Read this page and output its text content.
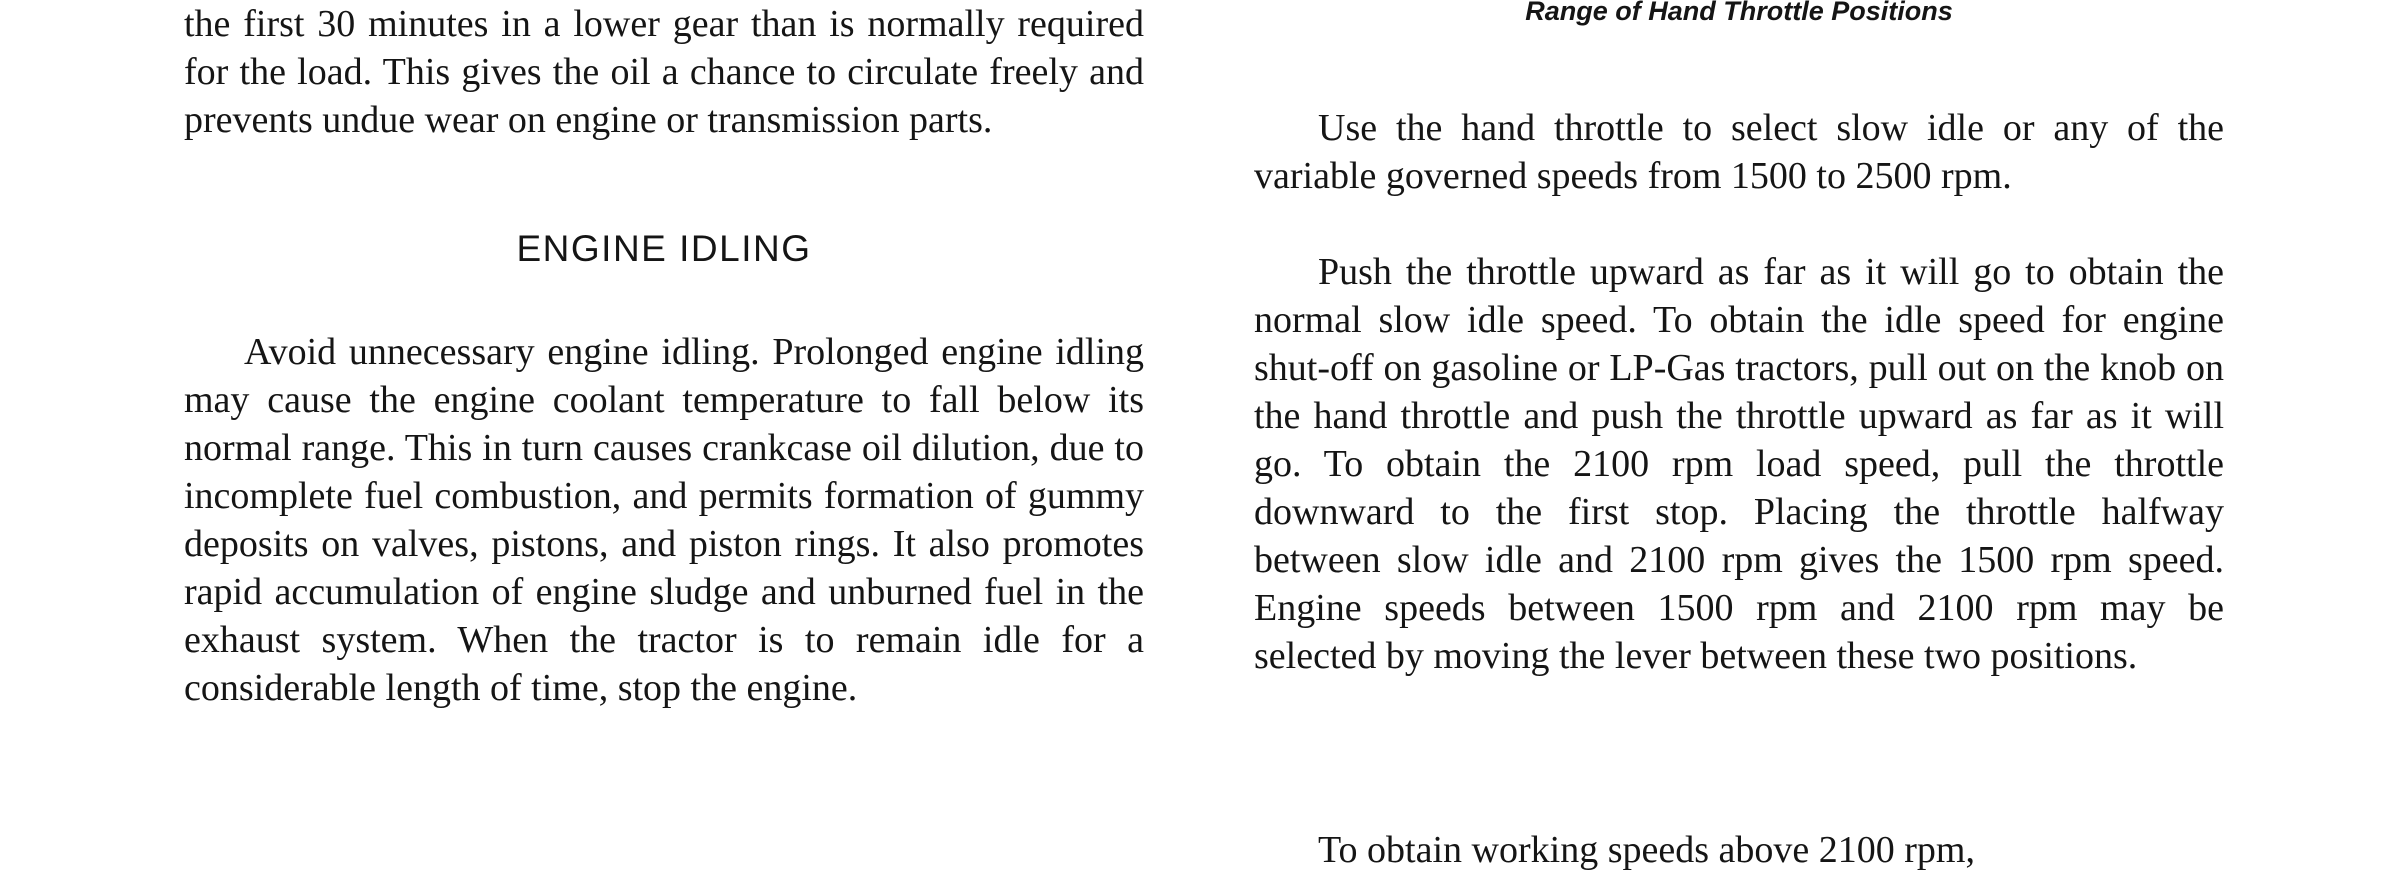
the first 30 minutes in a lower gear than is normally required for the load. This gives the oil a chance to circulate freely and prevents undue wear on engine or transmission parts.

ENGINE IDLING

Avoid unnecessary engine idling. Prolonged engine idling may cause the engine coolant temperature to fall below its normal range. This in turn causes crankcase oil dilution, due to incomplete fuel combustion, and permits formation of gummy deposits on valves, pistons, and piston rings. It also promotes rapid accumulation of engine sludge and unburned fuel in the exhaust system. When the tractor is to remain idle for a considerable length of time, stop the engine.

Range of Hand Throttle Positions

Use the hand throttle to select slow idle or any of the variable governed speeds from 1500 to 2500 rpm.

Push the throttle upward as far as it will go to obtain the normal slow idle speed. To obtain the idle speed for engine shut-off on gasoline or LP-Gas tractors, pull out on the knob on the hand throttle and push the throttle upward as far as it will go. To obtain the 2100 rpm load speed, pull the throttle downward to the first stop. Placing the throttle halfway between slow idle and 2100 rpm gives the 1500 rpm speed. Engine speeds between 1500 rpm and 2100 rpm may be selected by moving the lever between these two positions.

To obtain working speeds above 2100 rpm,
